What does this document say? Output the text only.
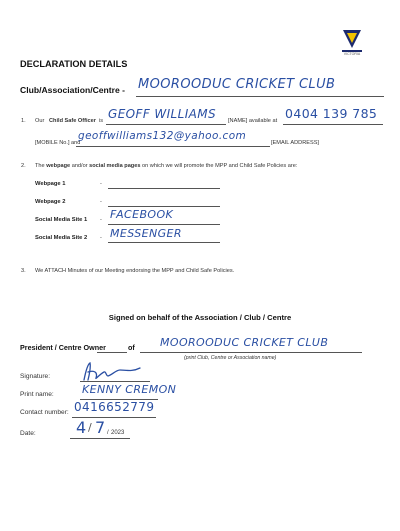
VICTORIA
DECLARATION DETAILS
Club/Association/Centre - MOOROODUC CRICKET CLUB
1. Our Child Safe Officer is GEOFF WILLIAMS [NAME] available at 0404 139 785
[MOBILE No.] and
geoffwilliams132@yahoo.com
[EMAIL ADDRESS]
2. The webpage and/or social media pages on which we will promote the MPP and Child Safe Policies are:
Webpage 1	-
Webpage 2	-
Social Media Site 1 - FACEBOOK
Social Media Site 2 - MESSENGER
3. We ATTACH Minutes of our Meeting endorsing the MPP and Child Safe Policies.
Signed on behalf of the Association / Club / Centre
President / Centre Owner	of MOOROODUC CRICKET CLUB
(print Club, Centre or Association name)
Signature:
Print name:	KENNY CREMON
Contact number: 0416652779
Date:	4 / 7 / 2023
